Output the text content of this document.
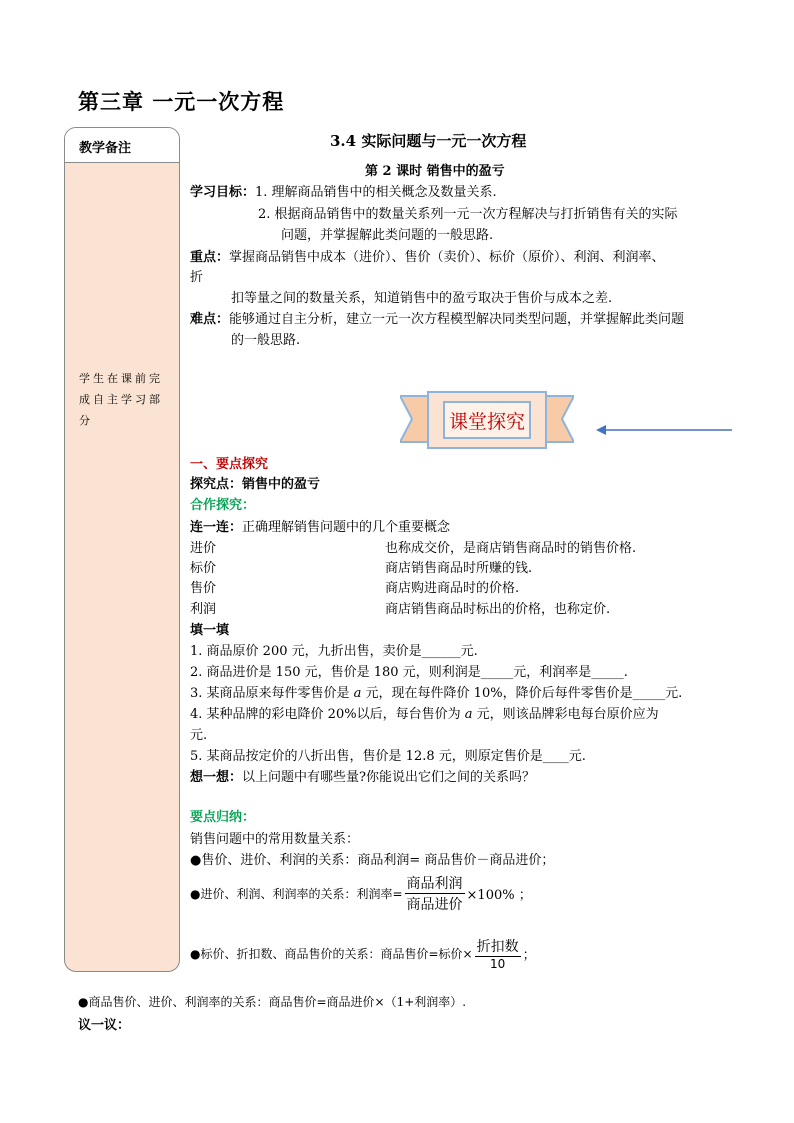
第三章 一元一次方程
教学备注
学生在课前完成自主学习部分
3.4 实际问题与一元一次方程
第 2 课时 销售中的盈亏
学习目标：1. 理解商品销售中的相关概念及数量关系.
2. 根据商品销售中的数量关系列一元一次方程解决与打折销售有关的实际
问题，并掌握解此类问题的一般思路.
重点：掌握商品销售中成本（进价）、售价（卖价）、标价（原价）、利润、利润率、
折
扣等量之间的数量关系，知道销售中的盈亏取决于售价与成本之差.
难点：能够通过自主分析，建立一元一次方程模型解决同类型问题，并掌握解此类问题
的一般思路.
课堂探究
一、要点探究
探究点：销售中的盈亏
合作探究：
连一连：正确理解销售问题中的几个重要概念
进价
标价
售价
利润
也称成交价，是商店销售商品时的销售价格.
商店销售商品时所赚的钱.
商店购进商品时的价格.
商店销售商品时标出的价格，也称定价.
填一填
1. 商品原价 200 元，九折出售，卖价是______元.
2. 商品进价是 150 元，售价是 180 元，则利润是_____元，利润率是_____.
3. 某商品原来每件零售价是 𝑎 元，现在每件降价 10%，降价后每件零售价是_____元.
4. 某种品牌的彩电降价 20%以后，每台售价为 𝑎 元，则该品牌彩电每台原价应为
元.
5. 某商品按定价的八折出售，售价是 12.8 元，则原定售价是____元.
想一想：以上问题中有哪些量?你能说出它们之间的关系吗？
要点归纳：
销售问题中的常用数量关系：
●售价、进价、利润的关系：商品利润= 商品售价－商品进价；
●进价、利润、利润率的关系：利润率= $\frac{\text{商品利润}}{\text{商品进价}} \times 100\%$ ；
●标价、折扣数、商品售价的关系：商品售价=标价× $\frac{\text{折扣数}}{10}$ ；
●商品售价、进价、利润率的关系：商品售价=商品进价×（1+利润率）.
议一议：
